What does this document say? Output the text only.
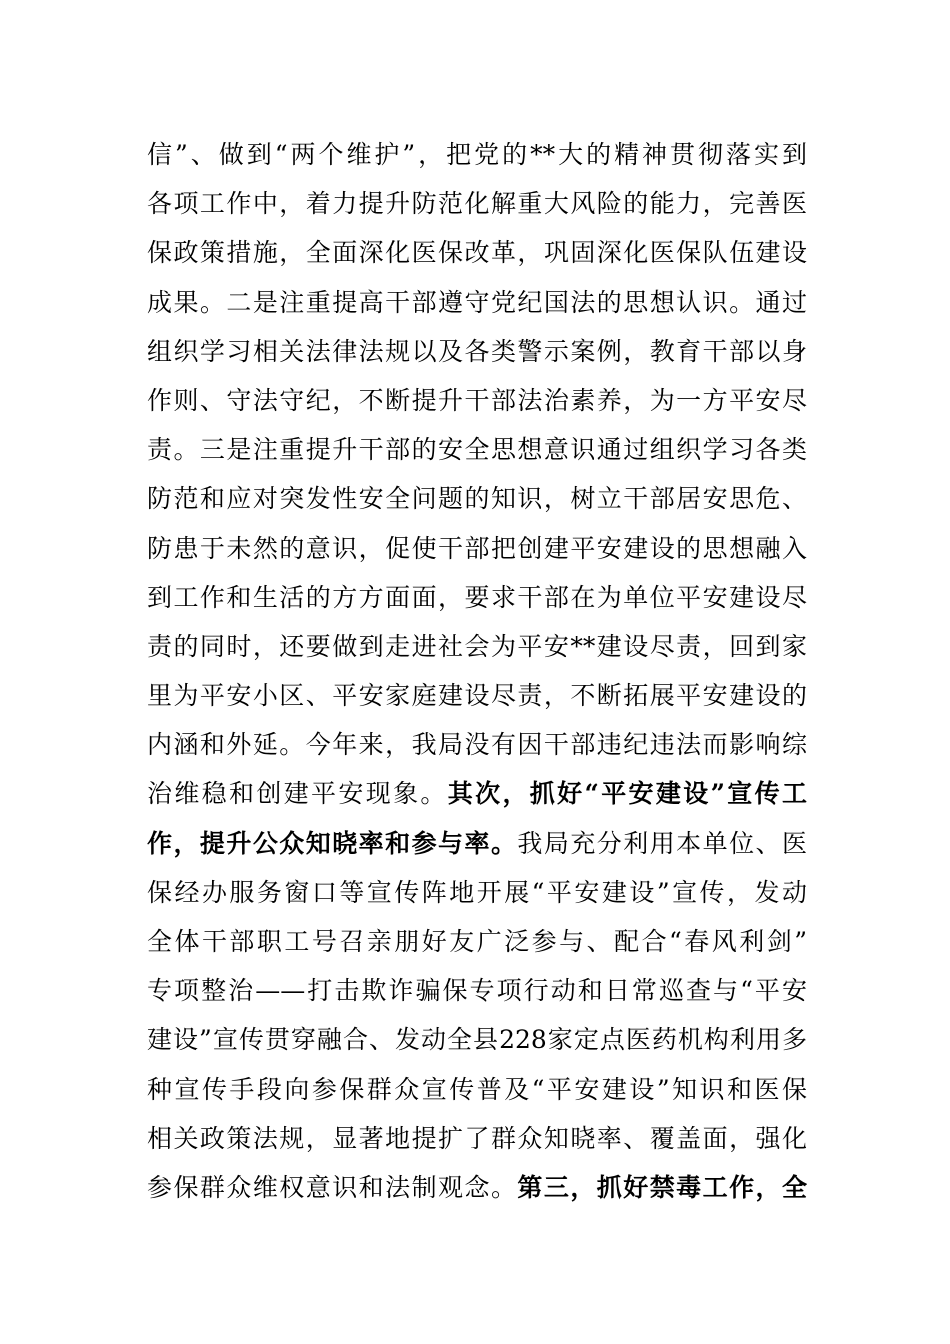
信”、做到“两个维护”，把党的**大的精神贯彻落实到
各项工作中，着力提升防范化解重大风险的能力，完善医
保政策措施，全面深化医保改革，巩固深化医保队伍建设
成果。二是注重提高干部遵守党纪国法的思想认识。通过
组织学习相关法律法规以及各类警示案例，教育干部以身
作则、守法守纪，不断提升干部法治素养，为一方平安尽
责。三是注重提升干部的安全思想意识通过组织学习各类
防范和应对突发性安全问题的知识，树立干部居安思危、
防患于未然的意识，促使干部把创建平安建设的思想融入
到工作和生活的方方面面，要求干部在为单位平安建设尽
责的同时，还要做到走进社会为平安**建设尽责，回到家
里为平安小区、平安家庭建设尽责，不断拓展平安建设的
内涵和外延。今年来，我局没有因干部违纪违法而影响综
治维稳和创建平安现象。其次，抓好“平安建设”宣传工
作，提升公众知晓率和参与率。我局充分利用本单位、医
保经办服务窗口等宣传阵地开展“平安建设”宣传，发动
全体干部职工号召亲朋好友广泛参与、配合“春风利剑”
专项整治——打击欺诈骗保专项行动和日常巡查与“平安
建设”宣传贯穿融合、发动全县228家定点医药机构利用多
种宣传手段向参保群众宣传普及“平安建设”知识和医保
相关政策法规，显著地提扩了群众知晓率、覆盖面，强化
参保群众维权意识和法制观念。第三，抓好禁毒工作，全
